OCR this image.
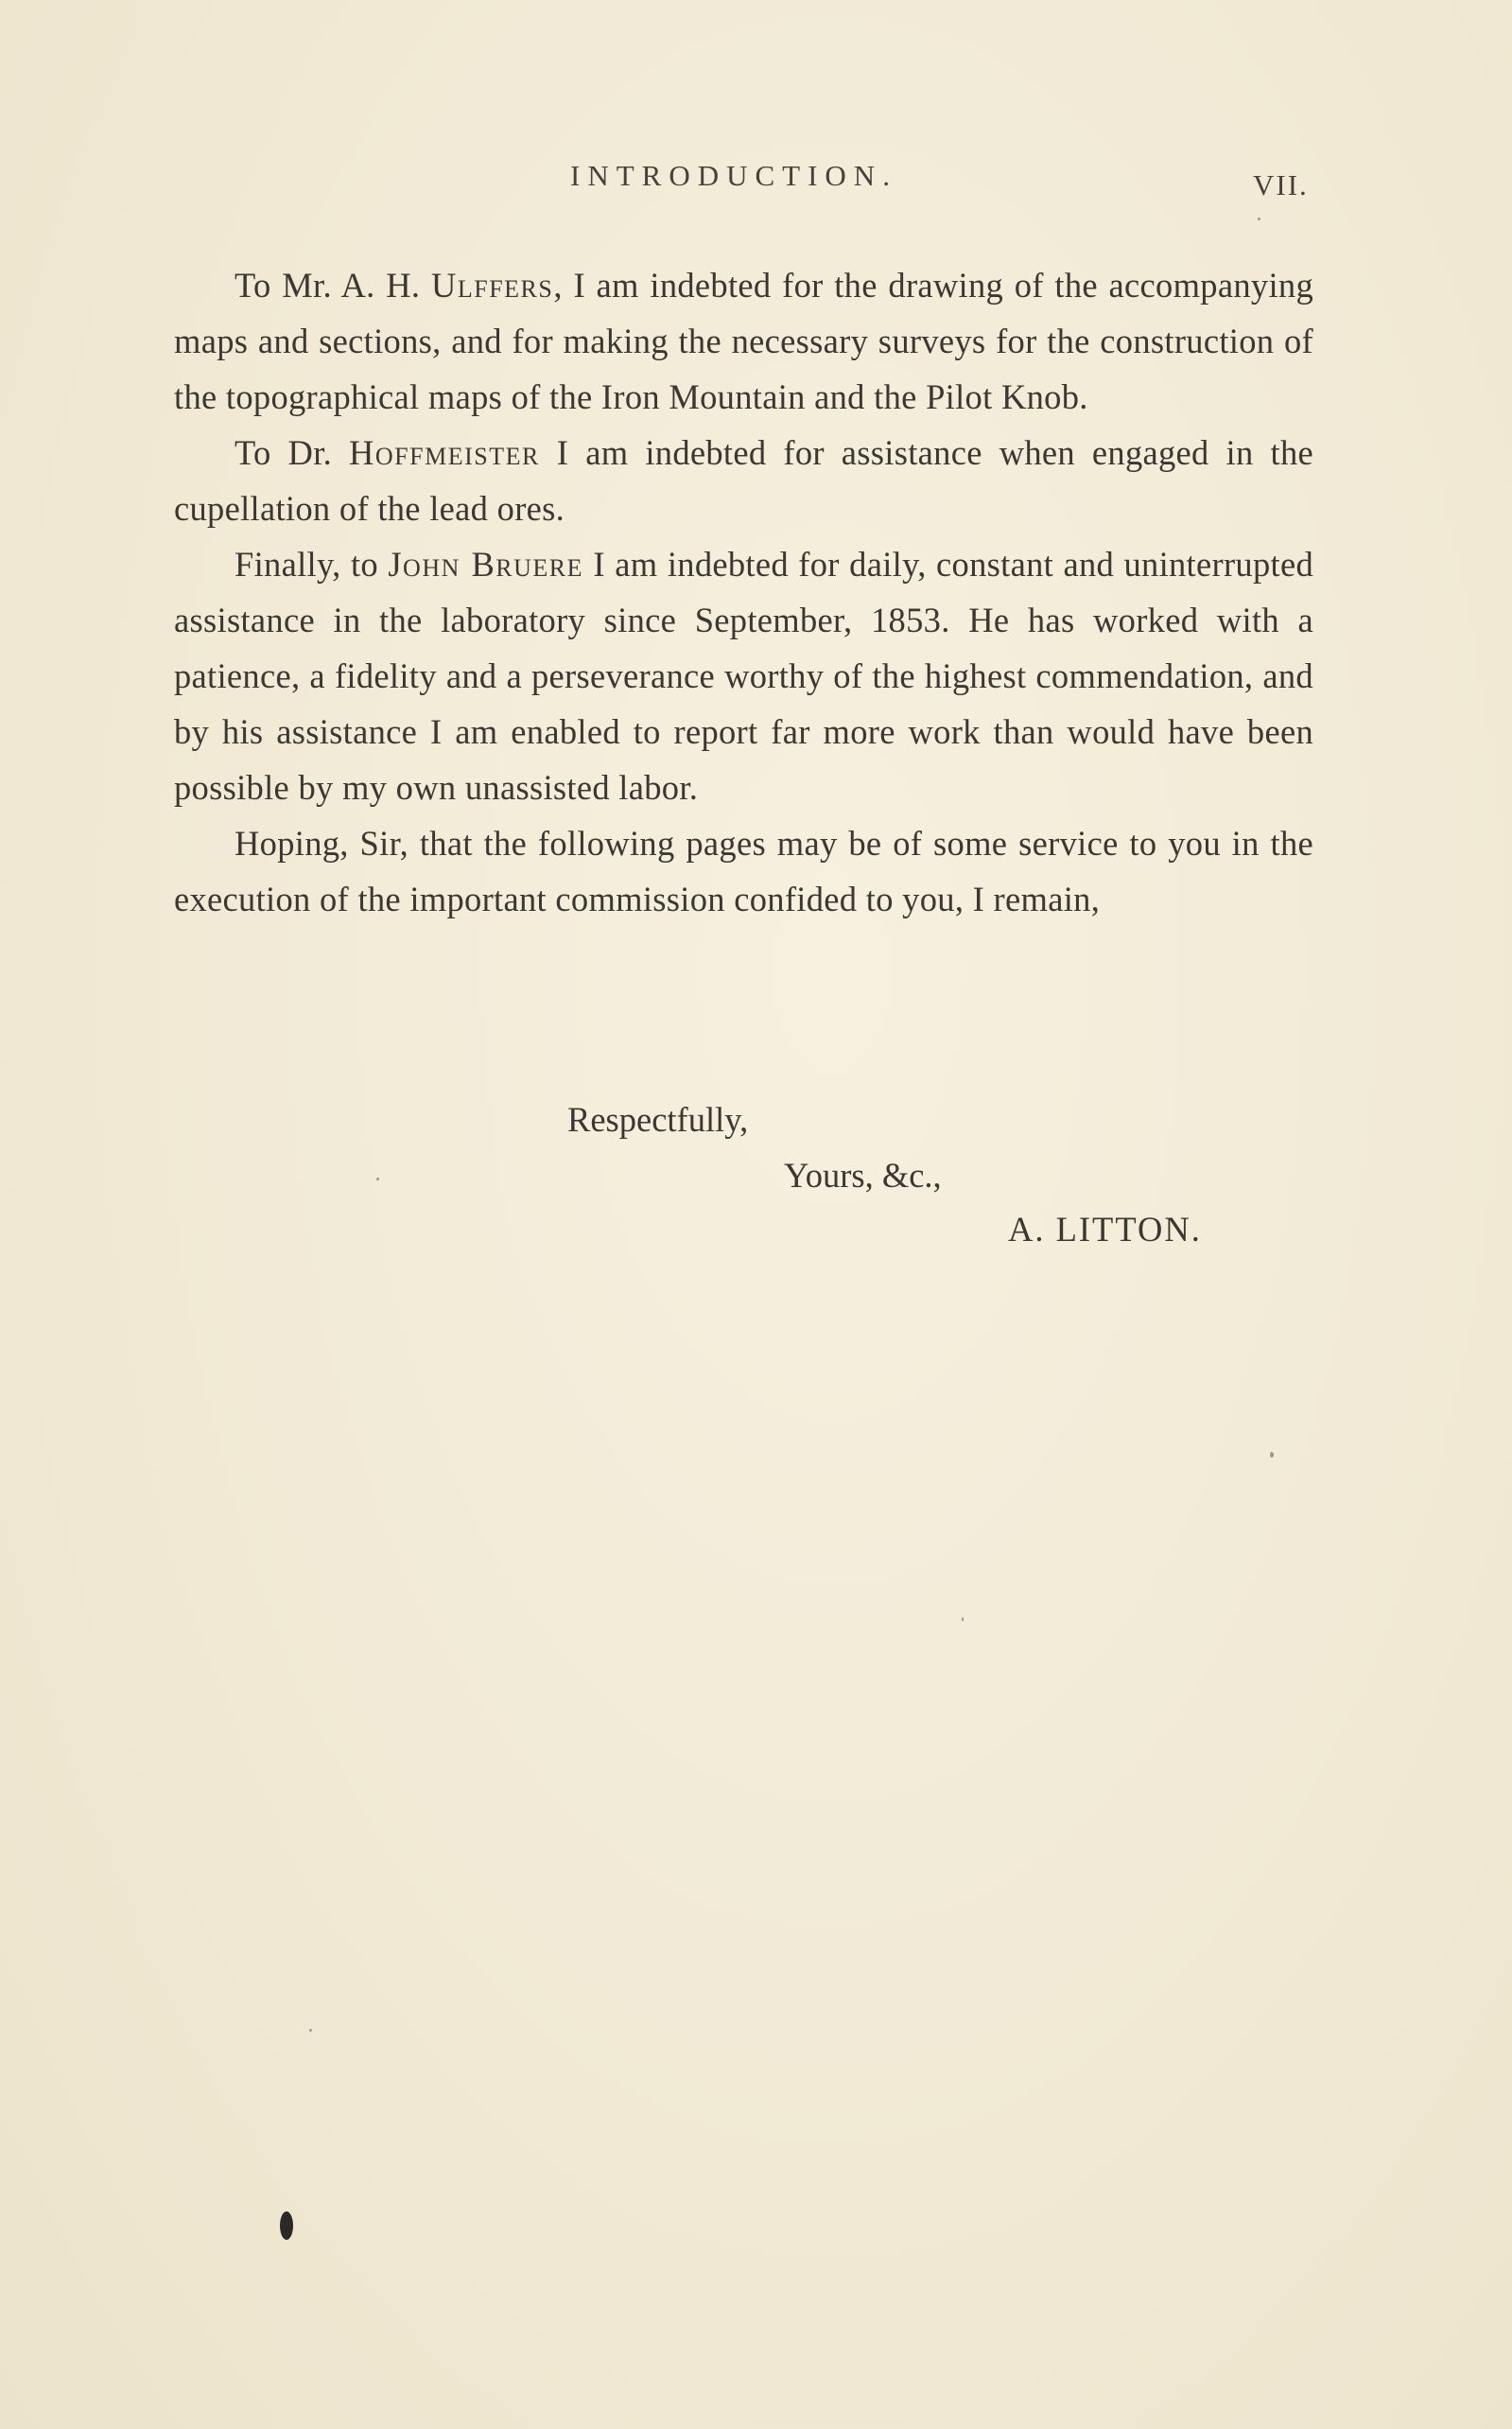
INTRODUCTION.	VII.

To Mr. A. H. Ulffers, I am indebted for the drawing of the accompanying maps and sections, and for making the necessary surveys for the construction of the topographical maps of the Iron Mountain and the Pilot Knob.

To Dr. Hoffmeister I am indebted for assistance when engaged in the cupellation of the lead ores.

Finally, to John Bruere I am indebted for daily, constant and uninterrupted assistance in the laboratory since September, 1853. He has worked with a patience, a fidelity and a perseverance worthy of the highest commendation, and by his assistance I am enabled to report far more work than would have been possible by my own unassisted labor.

Hoping, Sir, that the following pages may be of some service to you in the execution of the important commission confided to you, I remain,

Respectfully,
Yours, &c.,
A. LITTON.
